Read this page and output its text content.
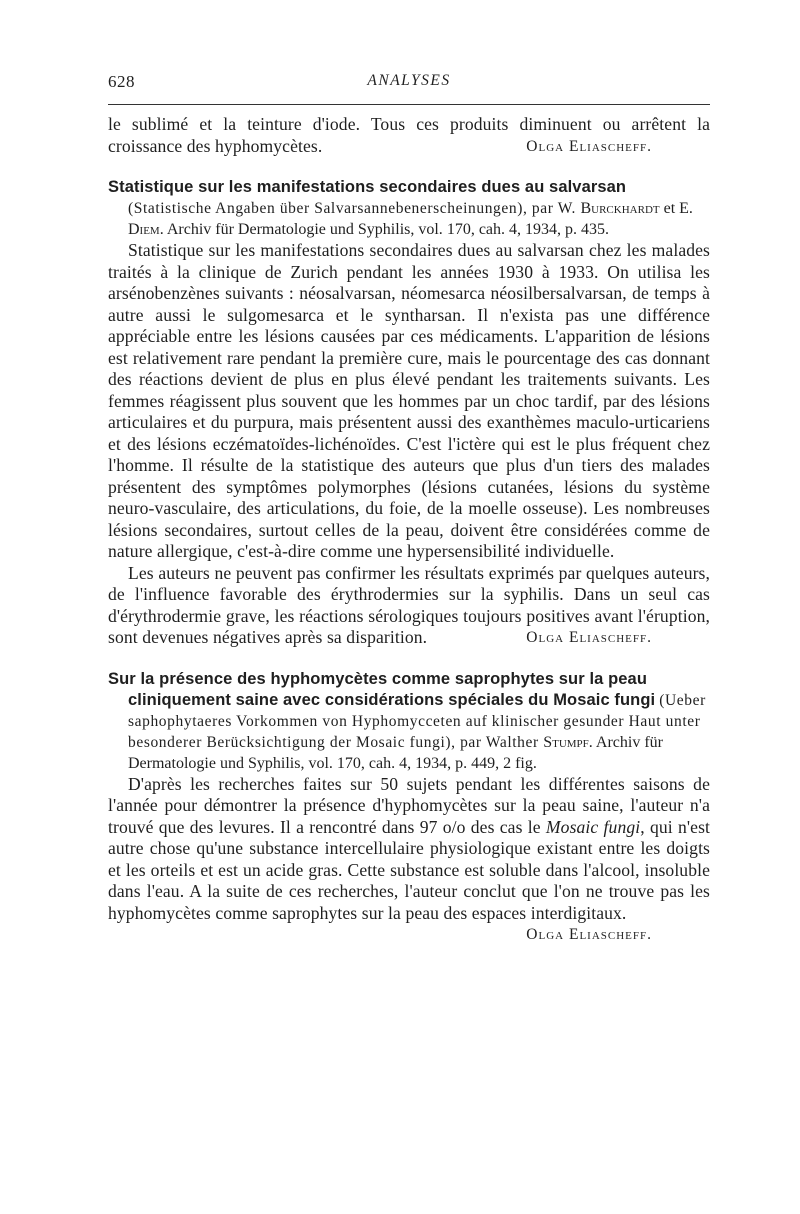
628	ANALYSES

le sublimé et la teinture d'iode. Tous ces produits diminuent ou arrêtent la croissance des hyphomycètes.	Olga Eliascheff.

Statistique sur les manifestations secondaires dues au salvarsan (Statistische Angaben über Salvarsannebenerscheinungen), par W. Burckhardt et E. Diem. Archiv für Dermatologie und Syphilis, vol. 170, cah. 4, 1934, p. 435.

Statistique sur les manifestations secondaires dues au salvarsan chez les malades traités à la clinique de Zurich pendant les années 1930 à 1933. On utilisa les arsénobenzènes suivants : néosalvarsan, néomesarca néosilbersalvarsan, de temps à autre aussi le sulgomesarca et le syntharsan. Il n'exista pas une différence appréciable entre les lésions causées par ces médicaments. L'apparition de lésions est relativement rare pendant la première cure, mais le pourcentage des cas donnant des réactions devient de plus en plus élevé pendant les traitements suivants. Les femmes réagissent plus souvent que les hommes par un choc tardif, par des lésions articulaires et du purpura, mais présentent aussi des exanthèmes maculo-urticariens et des lésions eczématoïdes-lichénoïdes. C'est l'ictère qui est le plus fréquent chez l'homme. Il résulte de la statistique des auteurs que plus d'un tiers des malades présentent des symptômes polymorphes (lésions cutanées, lésions du système neuro-vasculaire, des articulations, du foie, de la moelle osseuse). Les nombreuses lésions secondaires, surtout celles de la peau, doivent être considérées comme de nature allergique, c'est-à-dire comme une hypersensibilité individuelle.

Les auteurs ne peuvent pas confirmer les résultats exprimés par quelques auteurs, de l'influence favorable des érythrodermies sur la syphilis. Dans un seul cas d'érythrodermie grave, les réactions sérologiques toujours positives avant l'éruption, sont devenues négatives après sa disparition.	Olga Eliascheff.

Sur la présence des hyphomycètes comme saprophytes sur la peau cliniquement saine avec considérations spéciales du Mosaic fungi (Ueber saphophytaeres Vorkommen von Hyphomycceten auf klinischer gesunder Haut unter besonderer Berücksichtigung der Mosaic fungi), par Walther Stumpf. Archiv für Dermatologie und Syphilis, vol. 170, cah. 4, 1934, p. 449, 2 fig.

D'après les recherches faites sur 50 sujets pendant les différentes saisons de l'année pour démontrer la présence d'hyphomycètes sur la peau saine, l'auteur n'a trouvé que des levures. Il a rencontré dans 97 o/o des cas le Mosaic fungi, qui n'est autre chose qu'une substance intercellulaire physiologique existant entre les doigts et les orteils et est un acide gras. Cette substance est soluble dans l'alcool, insoluble dans l'eau. A la suite de ces recherches, l'auteur conclut que l'on ne trouve pas les hyphomycètes comme saprophytes sur la peau des espaces interdigitaux.
Olga Eliascheff.
